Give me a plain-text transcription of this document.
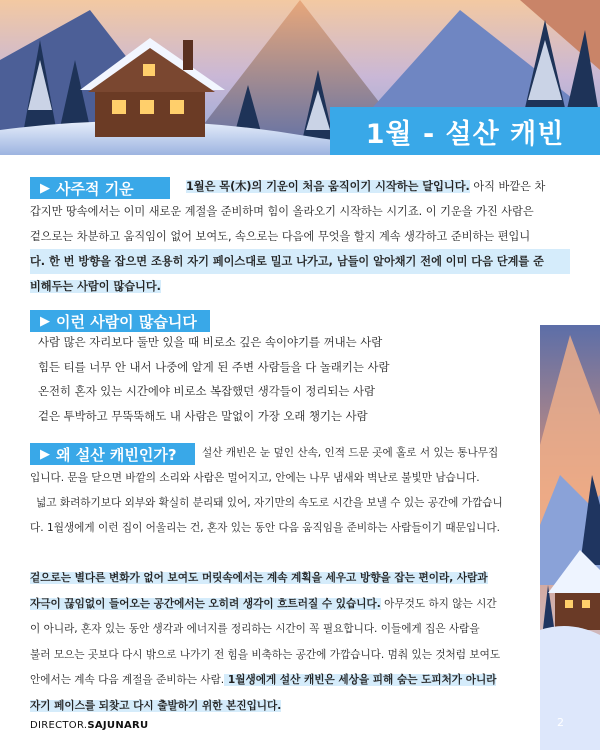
1월 - 설산 캐빈
▶ 사주적 기운	1월은 목(木)의 기운이 처음 움직이기 시작하는 달입니다. 아직 바깥은 차
갑지만 땅속에서는 이미 새로운 계절을 준비하며 힘이 올라오기 시작하는 시기죠. 이 기운을 가진 사람은
겉으로는 차분하고 움직임이 없어 보여도, 속으로는 다음에 무엇을 할지 계속 생각하고 준비하는 편입니
다. 한 번 방향을 잡으면 조용히 자기 페이스대로 밀고 나가고, 남들이 알아채기 전에 이미 다음 단계를 준
비해두는 사람이 많습니다.
▶ 이런 사람이 많습니다
사람 많은 자리보다 둘만 있을 때 비로소 깊은 속이야기를 꺼내는 사람
힘든 티를 너무 안 내서 나중에 알게 된 주변 사람들을 다 놀래키는 사람
온전히 혼자 있는 시간에야 비로소 복잡했던 생각들이 정리되는 사람
겉은 투박하고 무뚝뚝해도 내 사람은 말없이 가장 오래 챙기는 사람
▶ 왜 설산 캐빈인가?	설산 캐빈은 눈 덮인 산속, 인적 드문 곳에 홀로 서 있는 통나무집
입니다. 문을 닫으면 바깥의 소리와 사람은 멀어지고, 안에는 나무 냄새와 벽난로 불빛만 남습니다.
넓고 화려하기보다 외부와 확실히 분리돼 있어, 자기만의 속도로 시간을 보낼 수 있는 공간에 가깝습니
다. 1월생에게 이런 집이 어울리는 건, 혼자 있는 동안 다음 움직임을 준비하는 사람들이기 때문입니다.
겉으로는 별다른 변화가 없어 보여도 머릿속에서는 계속 계획을 세우고 방향을 잡는 편이라, 사람과
자극이 끊임없이 들어오는 공간에서는 오히려 생각이 흐트러질 수 있습니다. 아무것도 하지 않는 시간
이 아니라, 혼자 있는 동안 생각과 에너지를 정리하는 시간이 꼭 필요합니다. 이들에게 집은 사람을
불러 모으는 곳보다 다시 밖으로 나가기 전 힘을 비축하는 공간에 가깝습니다. 멈춰 있는 것처럼 보여도
안에서는 계속 다음 계절을 준비하는 사람. 1월생에게 설산 캐빈은 세상을 피해 숨는 도피처가 아니라
자기 페이스를 되찾고 다시 출발하기 위한 본진입니다.
DIRECTOR.SAJUNARU	2
